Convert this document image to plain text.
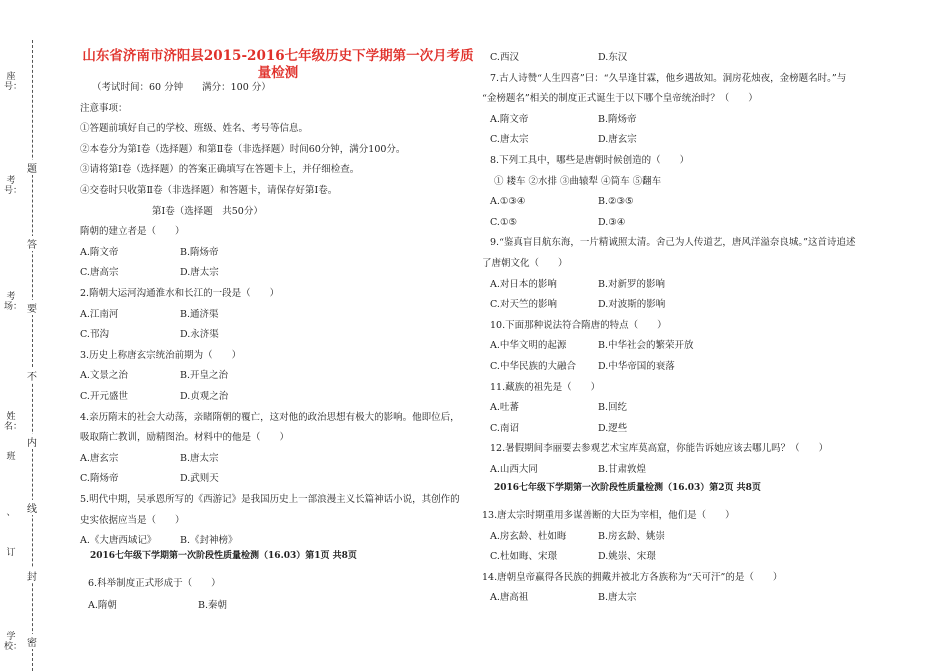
座号：
考号：
考场：
姓名：
班
学校：
、
订
题
答
要
不
内
线
封
密
山东省济南市济阳县2015-2016七年级历史下学期第一次月考质量检测
（考试时间：60 分钟　　满分：100 分）
注意事项：
①答题前填好自己的学校、班级、姓名、考号等信息。
②本卷分为第Ⅰ卷（选择题）和第Ⅱ卷（非选择题）时间60分钟，满分100分。
③请将第Ⅰ卷（选择题）的答案正确填写在答题卡上，并仔细检查。
④交卷时只收第Ⅱ卷（非选择题）和答题卡，请保存好第Ⅰ卷。
第Ⅰ卷（选择题　共50分）
隋朝的建立者是（　　）
A.隋文帝	B.隋炀帝
C.唐高宗	D.唐太宗
2.隋朝大运河沟通淮水和长江的一段是（　　）
A.江南河	B.通济渠
C.邗沟	D.永济渠
3.历史上称唐玄宗统治前期为（　　）
A.文景之治	B.开皇之治
C.开元盛世	D.贞观之治
4.亲历隋末的社会大动荡，亲睹隋朝的覆亡，这对他的政治思想有极大的影响。他即位后，
吸取隋亡教训，励精图治。材料中的他是（　　）
A.唐玄宗	B.唐太宗
C.隋炀帝	D.武则天
5.明代中期，吴承恩所写的《西游记》是我国历史上一部浪漫主义长篇神话小说，其创作的
史实依据应当是（　　）
A.《大唐西域记》 B.《封神榜》
2016七年级下学期第一次阶段性质量检测（16.03）第1页 共8页
6.科举制度正式形成于（　　）
A.隋朝	B.秦朝
C.西汉	D.东汉
7.古人诗赞“人生四喜”曰：“久旱逢甘霖，他乡遇故知。洞房花烛夜，金榜题名时。”与
“金榜题名”相关的制度正式诞生于以下哪个皇帝统治时？（　　）
A.隋文帝	B.隋炀帝
C.唐太宗	D.唐玄宗
8.下列工具中，哪些是唐朝时候创造的（　　）
① 耧车 ②水排 ③曲辕犁 ④筒车 ⑤翻车
A.①③④	B.②③⑤
C.①⑤	D.③④
9.“鉴真盲目航东海，一片精诚照太清。舍己为人传道艺，唐风洋溢奈良城。”这首诗追述
了唐朝文化（　　）
A.对日本的影响	B.对新罗的影响
C.对天竺的影响	D.对波斯的影响
10.下面那种说法符合隋唐的特点（　　）
A.中华文明的起源	B.中华社会的繁荣开放
C.中华民族的大融合 D.中华帝国的衰落
11.藏族的祖先是（　　）
A.吐蕃	B.回纥
C.南诏	D.逻些
12.暑假期间李丽要去参观艺术宝库莫高窟，你能告诉她应该去哪儿吗？（　　）
A.山西大同	B.甘肃敦煌
2016七年级下学期第一次阶段性质量检测（16.03）第2页 共8页
13.唐太宗时期重用多谋善断的大臣为宰相，他们是（　　）
A.房玄龄、杜如晦	B.房玄龄、姚崇
C.杜如晦、宋璟	D.姚崇、宋璟
14.唐朝皇帝赢得各民族的拥戴并被北方各族称为“天可汗”的是（　　）
A.唐高祖	B.唐太宗
